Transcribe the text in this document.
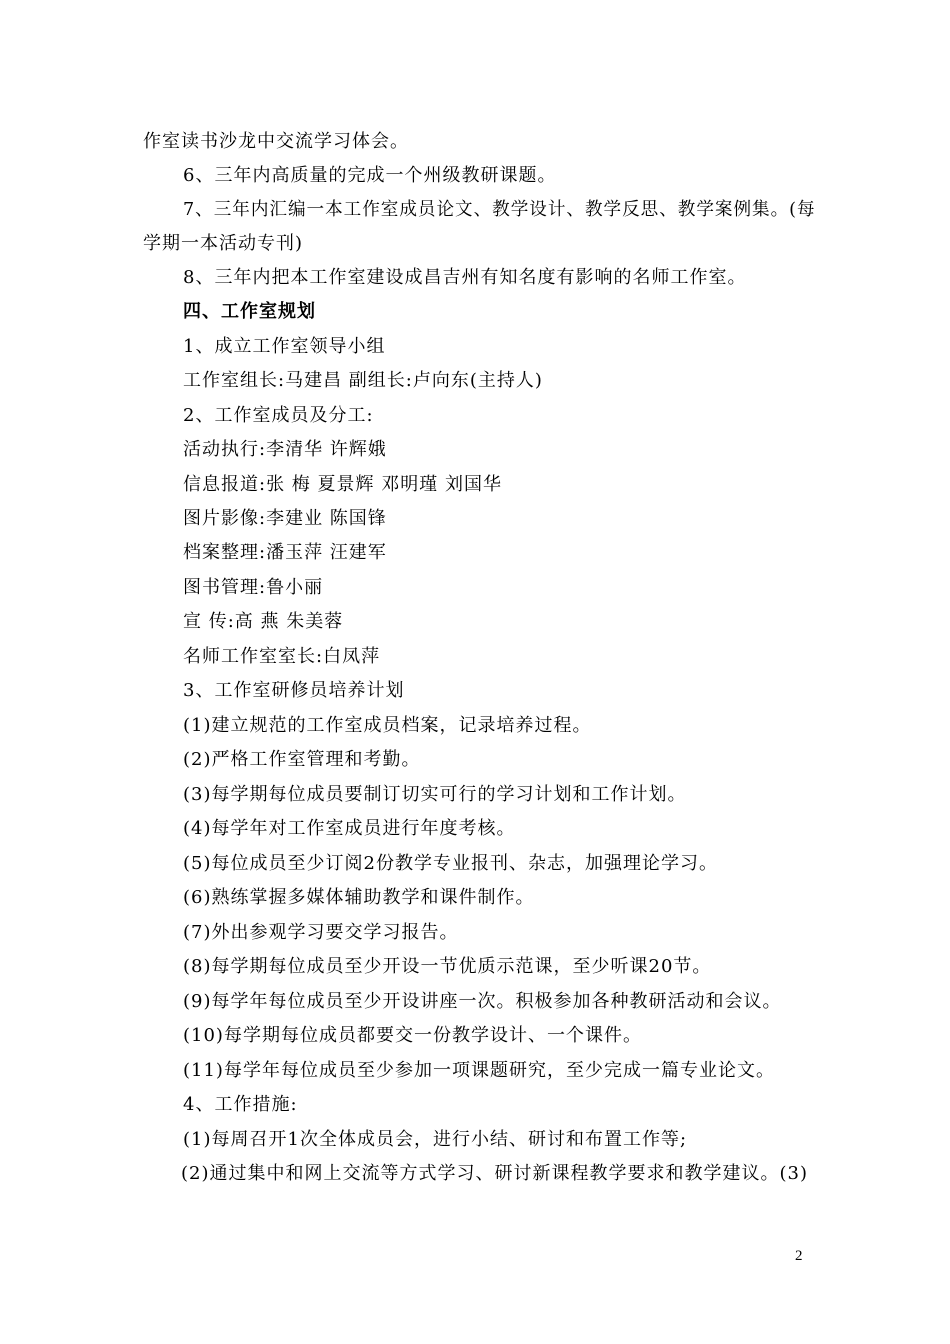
作室读书沙龙中交流学习体会。
6、三年内高质量的完成一个州级教研课题。
7、三年内汇编一本工作室成员论文、教学设计、教学反思、教学案例集。(每
学期一本活动专刊)
8、三年内把本工作室建设成昌吉州有知名度有影响的名师工作室。
四、工作室规划
1、成立工作室领导小组
工作室组长:马建昌 副组长:卢向东(主持人)
2、工作室成员及分工:
活动执行:李清华 许辉娥
信息报道:张 梅 夏景辉 邓明瑾 刘国华
图片影像:李建业 陈国锋
档案整理:潘玉萍 汪建军
图书管理:鲁小丽
宣 传:高 燕 朱美蓉
名师工作室室长:白凤萍
3、工作室研修员培养计划
(1)建立规范的工作室成员档案，记录培养过程。
(2)严格工作室管理和考勤。
(3)每学期每位成员要制订切实可行的学习计划和工作计划。
(4)每学年对工作室成员进行年度考核。
(5)每位成员至少订阅2份教学专业报刊、杂志，加强理论学习。
(6)熟练掌握多媒体辅助教学和课件制作。
(7)外出参观学习要交学习报告。
(8)每学期每位成员至少开设一节优质示范课，至少听课20节。
(9)每学年每位成员至少开设讲座一次。积极参加各种教研活动和会议。
(10)每学期每位成员都要交一份教学设计、一个课件。
(11)每学年每位成员至少参加一项课题研究，至少完成一篇专业论文。
4、工作措施:
(1)每周召开1次全体成员会，进行小结、研讨和布置工作等;
(2)通过集中和网上交流等方式学习、研讨新课程教学要求和教学建议。(3)
2
